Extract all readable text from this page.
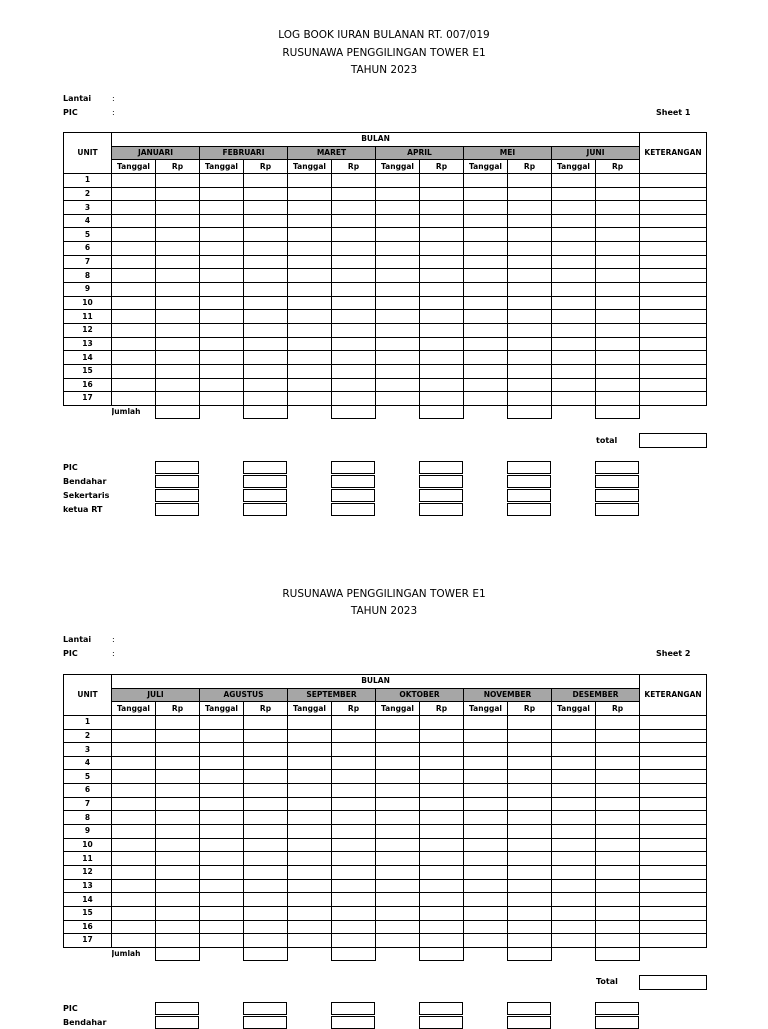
LOG BOOK IURAN BULANAN RT. 007/019
RUSUNAWA PENGGILINGAN TOWER E1
TAHUN 2023
Lantai	:
PIC	:	Sheet 1
UNIT	BULAN												KETERANGAN
	JANUARI		FEBRUARI		MARET		APRIL		MEI		JUNI		
	Tanggal	Rp	Tanggal	Rp	Tanggal	Rp	Tanggal	Rp	Tanggal	Rp	Tanggal	Rp	
1													
2													
3													
4													
5													
6													
7													
8													
9													
10													
11													
12													
13													
14													
15													
16													
17													
	Jumlah												
total
PIC
Bendahar
Sekertaris
ketua RT
RUSUNAWA PENGGILINGAN TOWER E1
TAHUN 2023
Lantai	:
PIC	:	Sheet 2
UNIT	BULAN												KETERANGAN
	JULI		AGUSTUS		SEPTEMBER		OKTOBER		NOVEMBER		DESEMBER		
	Tanggal	Rp	Tanggal	Rp	Tanggal	Rp	Tanggal	Rp	Tanggal	Rp	Tanggal	Rp	
1													
2													
3													
4													
5													
6													
7													
8													
9													
10													
11													
12													
13													
14													
15													
16													
17													
	Jumlah												
Total
PIC
Bendahar
